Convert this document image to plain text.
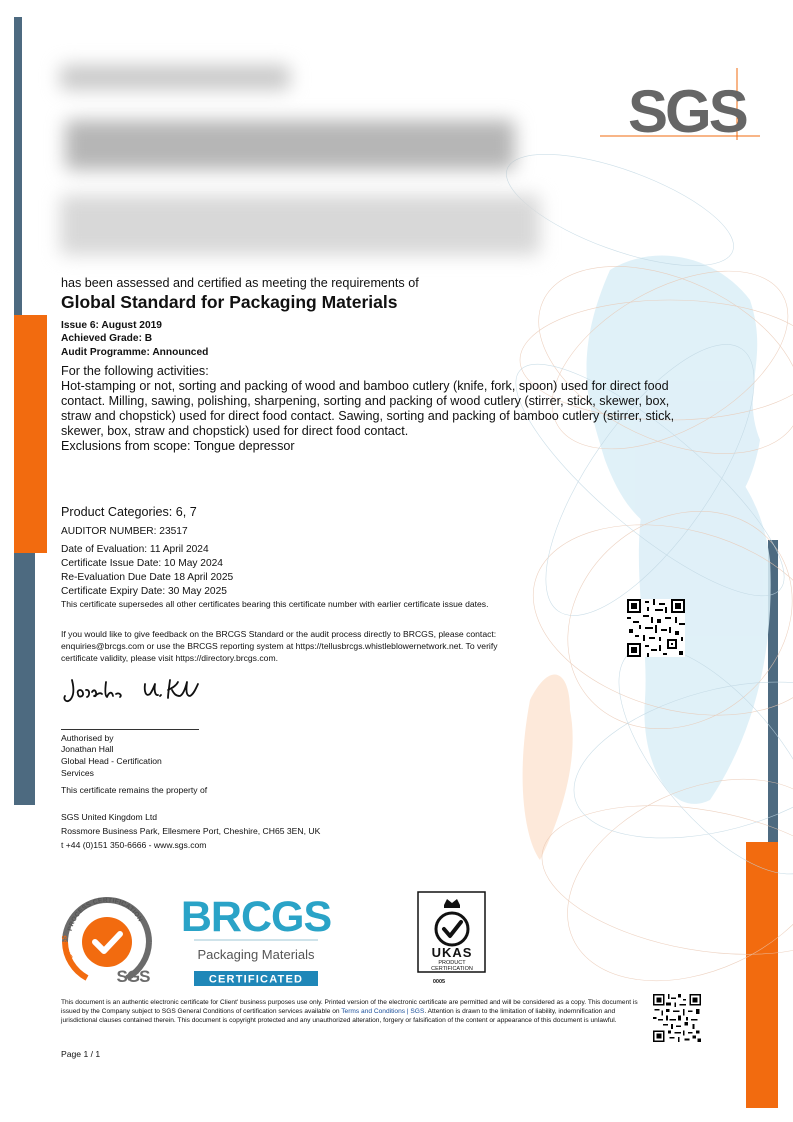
SGS
has been assessed and certified as meeting the requirements of
Global Standard for Packaging Materials
Issue 6: August 2019
Achieved Grade: B
Audit Programme: Announced
For the following activities:
Hot-stamping or not, sorting and packing of wood and bamboo cutlery (knife, fork, spoon) used for direct food contact. Milling, sawing, polishing, sharpening, sorting and packing of wood cutlery (stirrer, stick, skewer, box, straw and chopstick) used for direct food contact. Sawing, sorting and packing of bamboo cutlery (stirrer, stick, skewer, box, straw and chopstick) used for direct food contact.
Exclusions from scope: Tongue depressor
Product Categories: 6, 7
AUDITOR NUMBER: 23517
Date of Evaluation: 11 April 2024
Certificate Issue Date: 10 May 2024
Re-Evaluation Due Date 18 April 2025
Certificate Expiry Date: 30 May 2025
This certificate supersedes all other certificates bearing this certificate number with earlier certificate issue dates.
If you would like to give feedback on the BRCGS Standard or the audit process directly to BRCGS, please contact:
enquiries@brcgs.com or use the BRCGS reporting system at https://tellusbrcgs.whistleblowernetwork.net. To verify
certificate validity, please visit https://directory.brcgs.com.
Authorised by
Jonathan Hall
Global Head - Certification
Services
This certificate remains the property of
SGS United Kingdom Ltd
Rossmore Business Park, Ellesmere Port, Cheshire, CH65 3EN, UK
t +44 (0)151 350-6666 - www.sgs.com
PROCESS CERTIFICATION
BRCGS
SGS
BRCGS
Packaging Materials
CERTIFICATED
UKAS
PRODUCT
CERTIFICATION
0005
This document is an authentic electronic certificate for Client' business purposes use only. Printed version of the electronic certificate are permitted and will be considered as a copy. This document is issued by the Company subject to SGS General Conditions of certification services available on Terms and Conditions | SGS. Attention is drawn to the limitation of liability, indemnification and jurisdictional clauses contained therein. This document is copyright protected and any unauthorized alteration, forgery or falsification of the content or appearance of this document is unlawful.
Page 1 / 1
